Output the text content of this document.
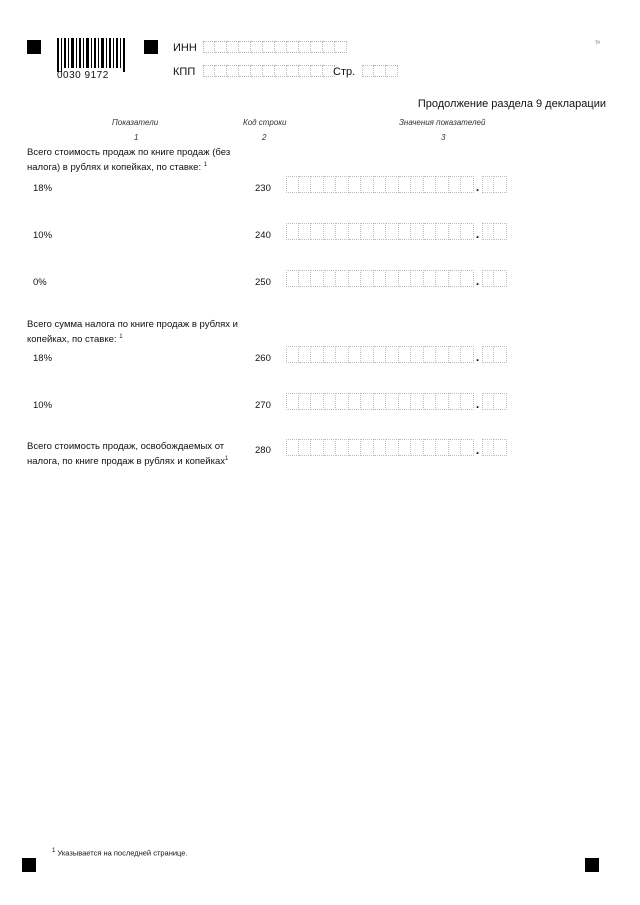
ᵗ⁹
0030 9172
ИНН
КПП	Стр.
Продолжение раздела 9 декларации
Показатели
1
Код строки
2
Значения показателей
3
Всего стоимость продаж по книге продаж (без налога) в рублях и копейках, по ставке: $^1$
18%	230	.
10%	240	.
0%	250	.
Всего сумма налога по книге продаж в рублях и копейках, по ставке: $^1$
18%	260	.
10%	270	.
Всего стоимость продаж, освобождаемых от налога, по книге продаж в рублях и копейках$^1$
280	.
$^1$ Указывается на последней странице.
